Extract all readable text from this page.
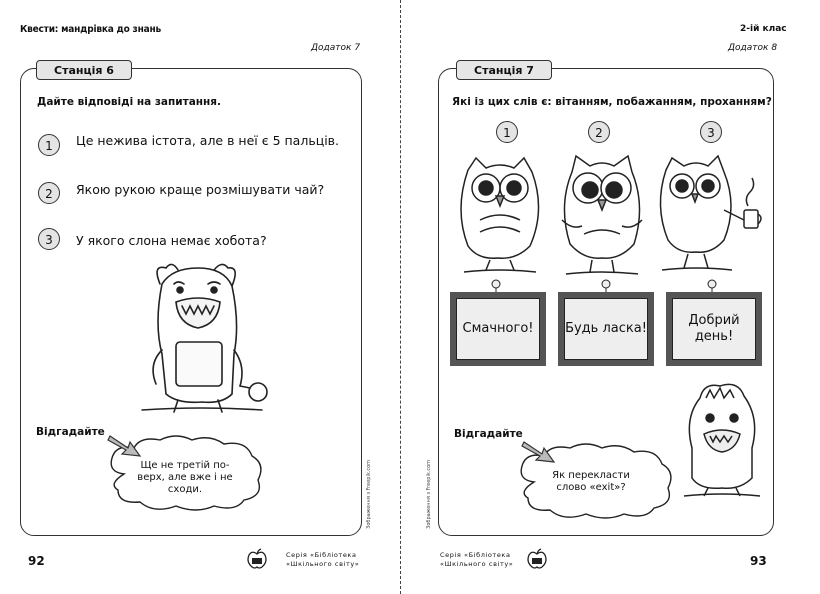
Квести: мандрівка до знань	2-ій клас
Додаток 7	Додаток 8
Станція 6
Дайте відповіді на запитання.
1	Це нежива істота, але в неї є 5 пальців.
2	Якою рукою краще розмішувати чай?
3	У якого слона немає хобота?
Відгадайте
Ще не третій по-верх, але вже і не сходи.	Зображення з Freepik.com
92	Серія «Бібліотека
«Шкільного світу»
Станція 7
Які із цих слів є: вітанням, побажанням, проханням?
1	2	3
Смачного!	Будь ласка!
Добрий день!
Відгадайте
Як перекласти слово «exit»?
Зображення з Freepik.com
Серія «Бібліотека
«Шкільного світу»	93
